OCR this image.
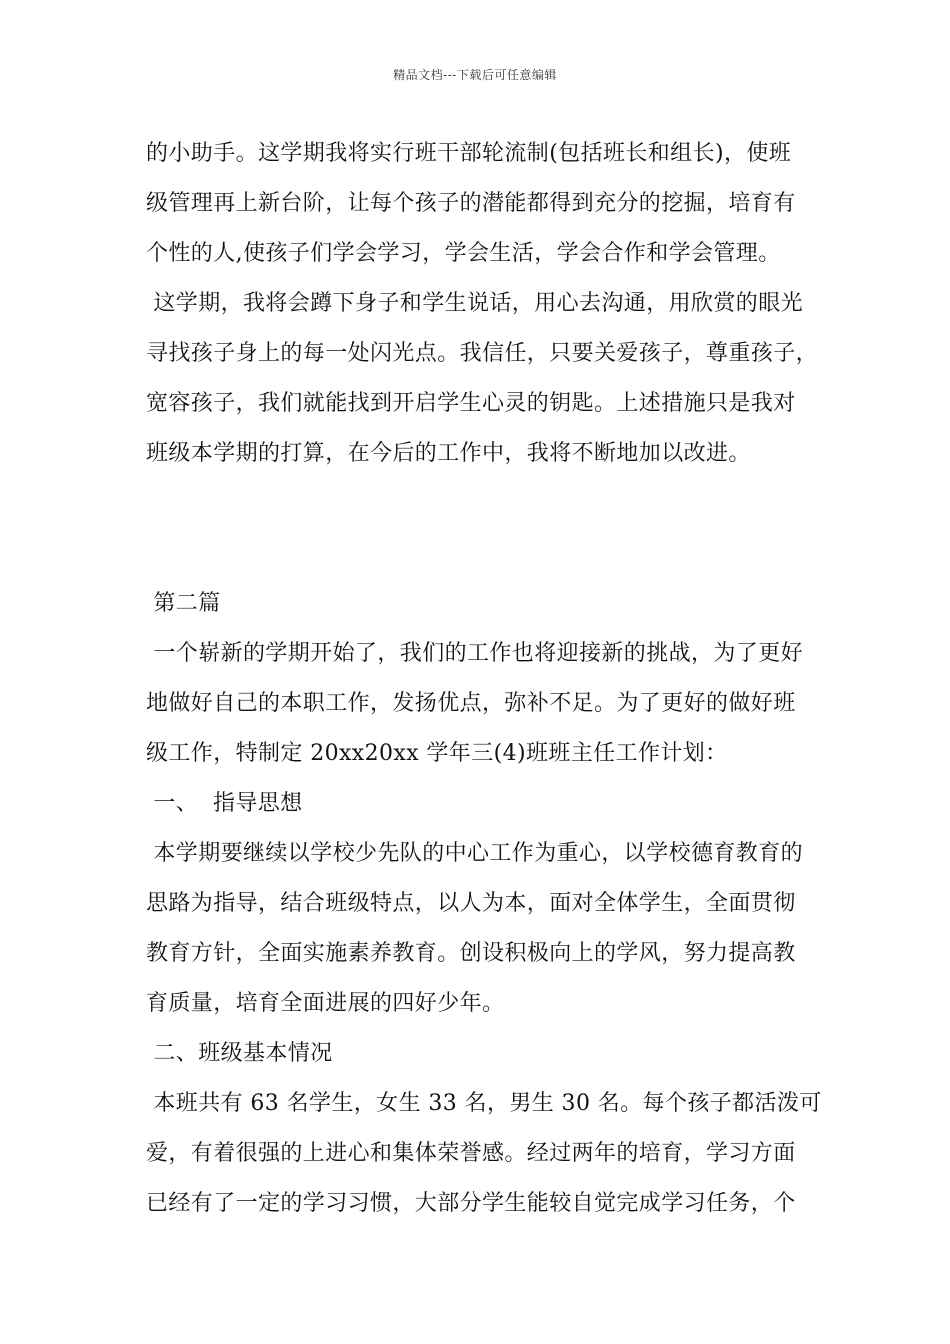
精品文档---下载后可任意编辑
的小助手。这学期我将实行班干部轮流制(包括班长和组长)，使班
级管理再上新台阶，让每个孩子的潜能都得到充分的挖掘，培育有
个性的人,使孩子们学会学习，学会生活，学会合作和学会管理。
这学期，我将会蹲下身子和学生说话，用心去沟通，用欣赏的眼光
寻找孩子身上的每一处闪光点。我信任，只要关爱孩子，尊重孩子，
宽容孩子，我们就能找到开启学生心灵的钥匙。上述措施只是我对
班级本学期的打算，在今后的工作中，我将不断地加以改进。
第二篇
一个崭新的学期开始了，我们的工作也将迎接新的挑战，为了更好
地做好自己的本职工作，发扬优点，弥补不足。为了更好的做好班
级工作，特制定 20xx20xx 学年三(4)班班主任工作计划：
一、  指导思想
本学期要继续以学校少先队的中心工作为重心，以学校德育教育的
思路为指导，结合班级特点，以人为本，面对全体学生，全面贯彻
教育方针，全面实施素养教育。创设积极向上的学风，努力提高教
育质量，培育全面进展的四好少年。
二、班级基本情况
本班共有 63 名学生，女生 33 名，男生 30 名。每个孩子都活泼可
爱，有着很强的上进心和集体荣誉感。经过两年的培育，学习方面
已经有了一定的学习习惯，大部分学生能较自觉完成学习任务，个
